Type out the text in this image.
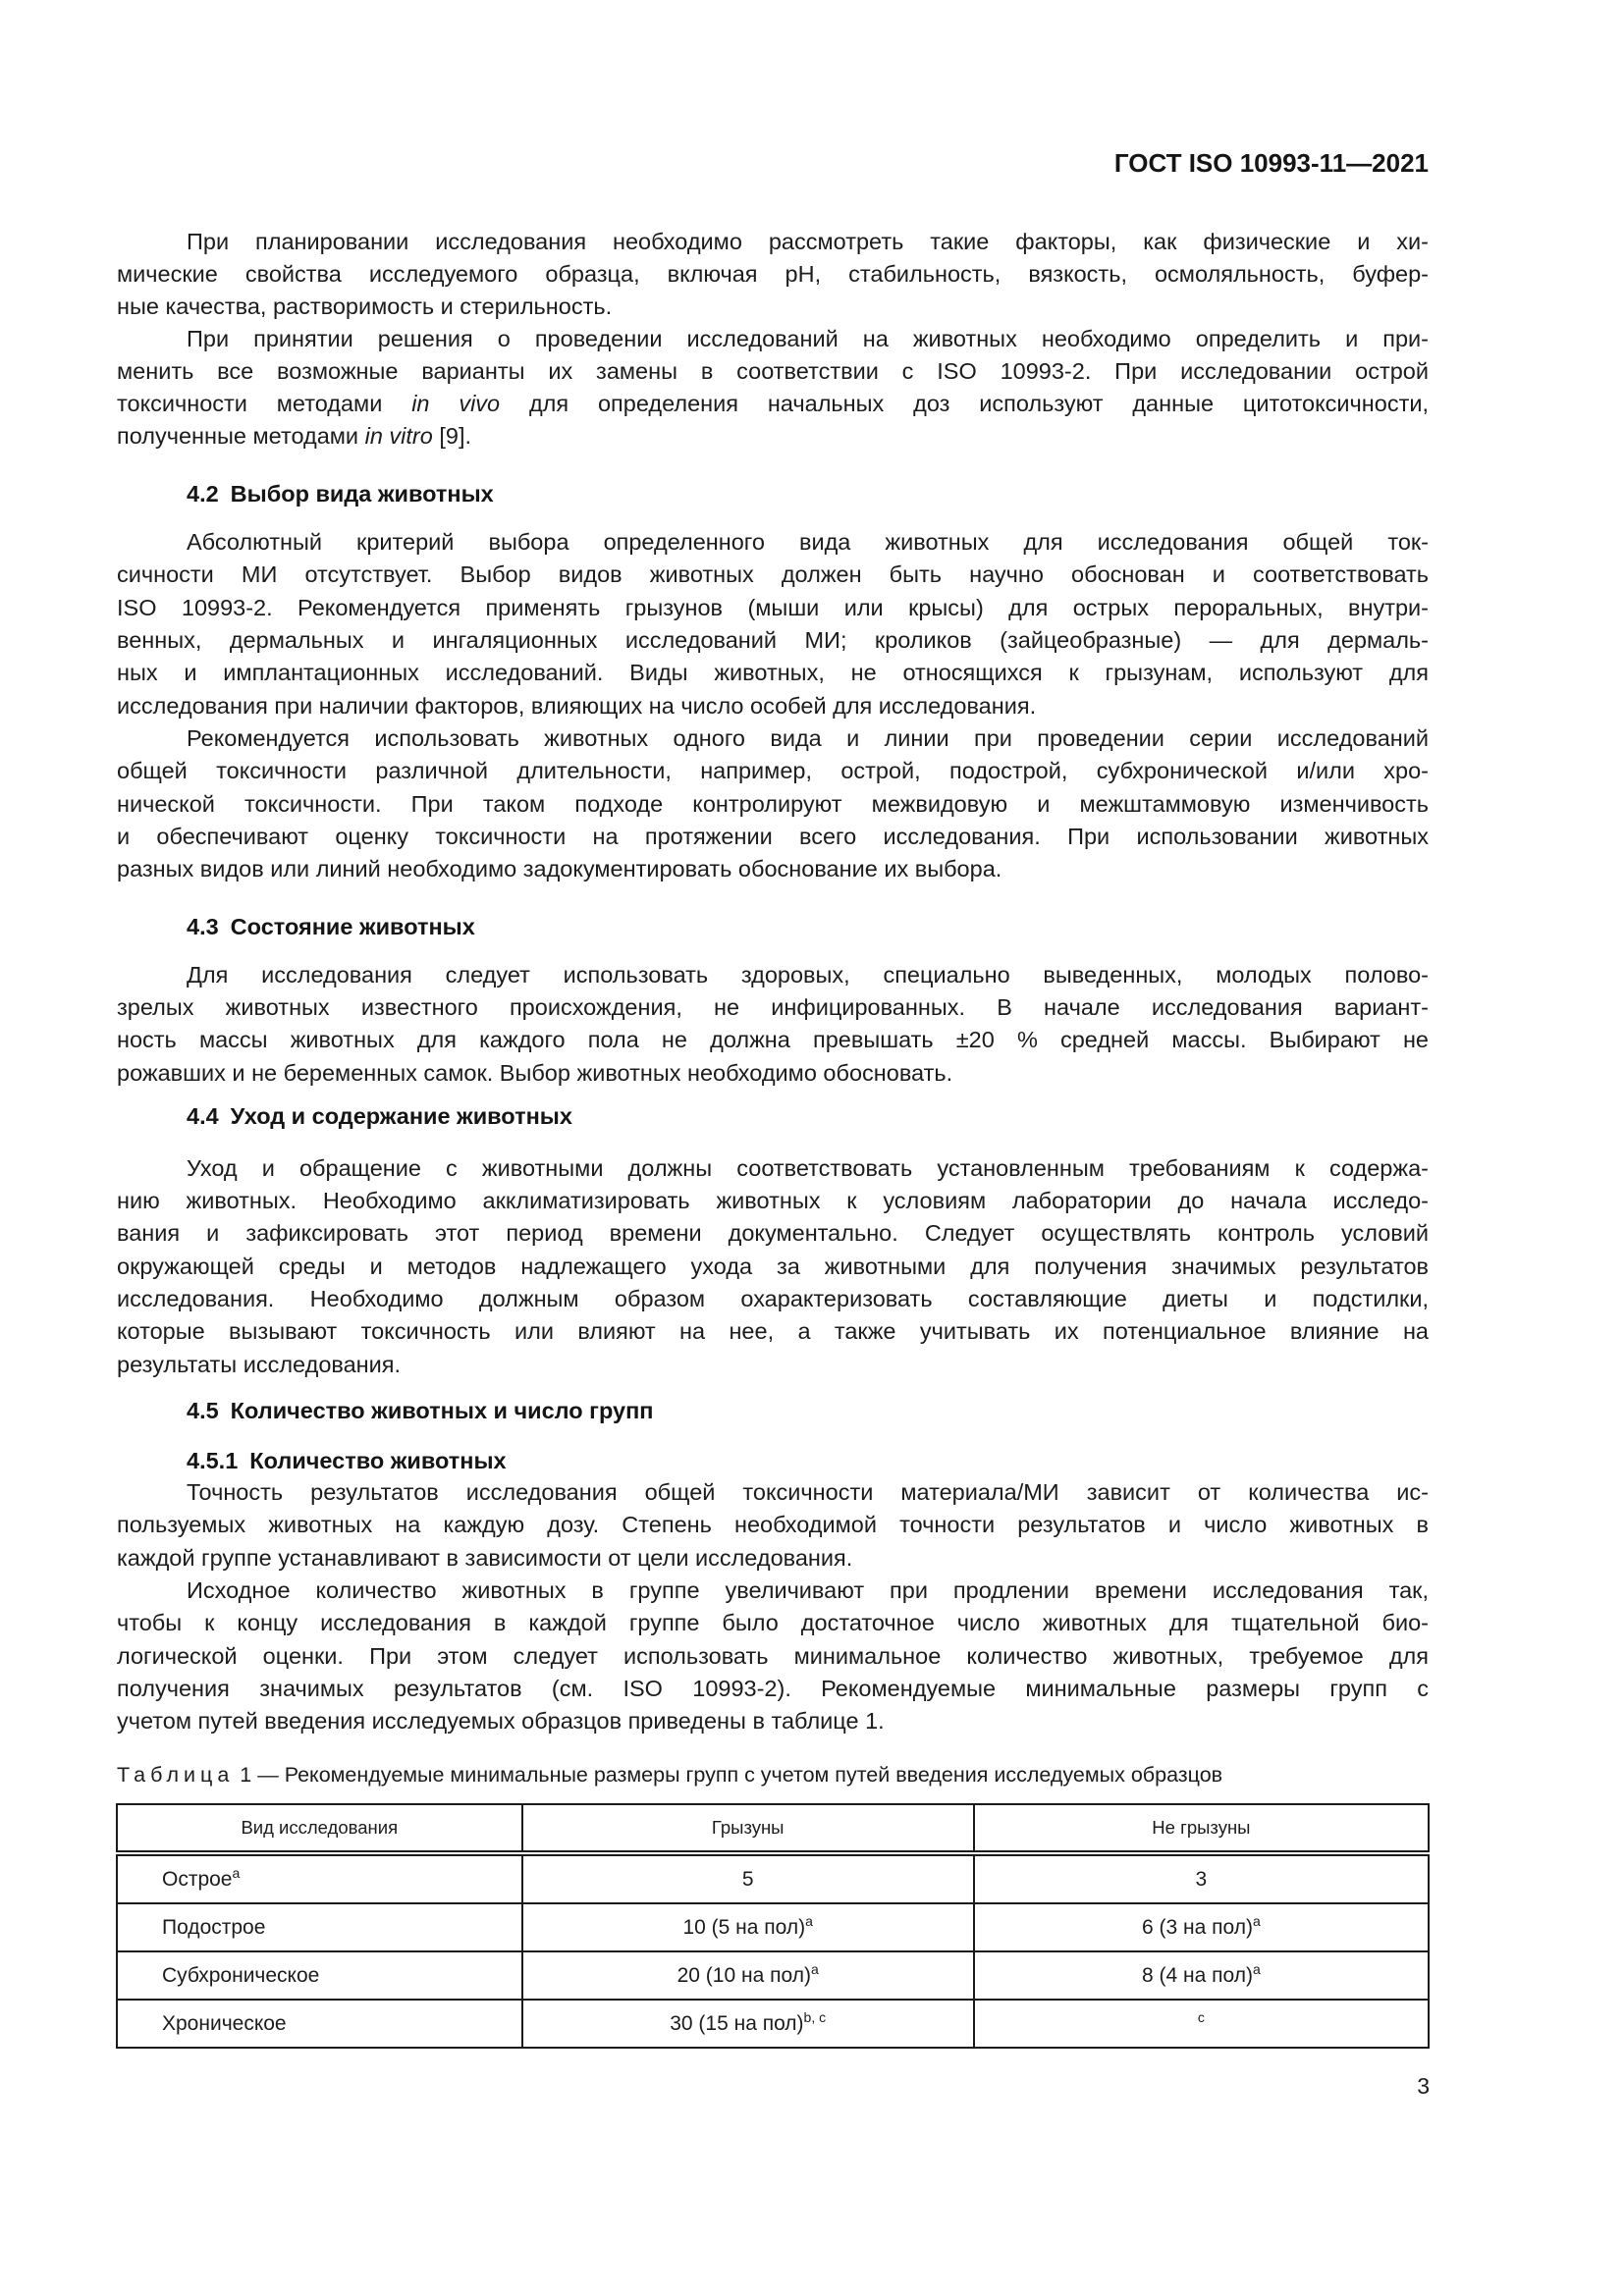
ГОСТ ISO 10993-11—2021
При планировании исследования необходимо рассмотреть такие факторы, как физические и хи-
мические свойства исследуемого образца, включая pH, стабильность, вязкость, осмоляльность, буфер-
ные качества, растворимость и стерильность.
При принятии решения о проведении исследований на животных необходимо определить и при-
менить все возможные варианты их замены в соответствии с ISO 10993-2. При исследовании острой
токсичности методами in vivo для определения начальных доз используют данные цитотоксичности,
полученные методами in vitro [9].
4.2 Выбор вида животных
Абсолютный критерий выбора определенного вида животных для исследования общей ток-
сичности МИ отсутствует. Выбор видов животных должен быть научно обоснован и соответствовать
ISO 10993-2. Рекомендуется применять грызунов (мыши или крысы) для острых пероральных, внутри-
венных, дермальных и ингаляционных исследований МИ; кроликов (зайцеобразные) — для дермаль-
ных и имплантационных исследований. Виды животных, не относящихся к грызунам, используют для
исследования при наличии факторов, влияющих на число особей для исследования.
Рекомендуется использовать животных одного вида и линии при проведении серии исследований
общей токсичности различной длительности, например, острой, подострой, субхронической и/или хро-
нической токсичности. При таком подходе контролируют межвидовую и межштаммовую изменчивость
и обеспечивают оценку токсичности на протяжении всего исследования. При использовании животных
разных видов или линий необходимо задокументировать обоснование их выбора.
4.3 Состояние животных
Для исследования следует использовать здоровых, специально выведенных, молодых полово-
зрелых животных известного происхождения, не инфицированных. В начале исследования вариант-
ность массы животных для каждого пола не должна превышать ±20 % средней массы. Выбирают не
рожавших и не беременных самок. Выбор животных необходимо обосновать.
4.4 Уход и содержание животных
Уход и обращение с животными должны соответствовать установленным требованиям к содержа-
нию животных. Необходимо акклиматизировать животных к условиям лаборатории до начала исследо-
вания и зафиксировать этот период времени документально. Следует осуществлять контроль условий
окружающей среды и методов надлежащего ухода за животными для получения значимых результатов
исследования. Необходимо должным образом охарактеризовать составляющие диеты и подстилки,
которые вызывают токсичность или влияют на нее, а также учитывать их потенциальное влияние на
результаты исследования.
4.5 Количество животных и число групп
4.5.1 Количество животных
Точность результатов исследования общей токсичности материала/МИ зависит от количества ис-
пользуемых животных на каждую дозу. Степень необходимой точности результатов и число животных в
каждой группе устанавливают в зависимости от цели исследования.
Исходное количество животных в группе увеличивают при продлении времени исследования так,
чтобы к концу исследования в каждой группе было достаточное число животных для тщательной био-
логической оценки. При этом следует использовать минимальное количество животных, требуемое для
получения значимых результатов (см. ISO 10993-2). Рекомендуемые минимальные размеры групп с
учетом путей введения исследуемых образцов приведены в таблице 1.
Таблица 1 — Рекомендуемые минимальные размеры групп с учетом путей введения исследуемых образцов
Вид исследования	Грызуны	Не грызуны
Острое$^a$	5	3
Подострое	10 (5 на пол)$^a$	6 (3 на пол)$^a$
Субхроническое	20 (10 на пол)$^a$	8 (4 на пол)$^a$
Хроническое	30 (15 на пол)$^{b, c}$	$^c$
3
